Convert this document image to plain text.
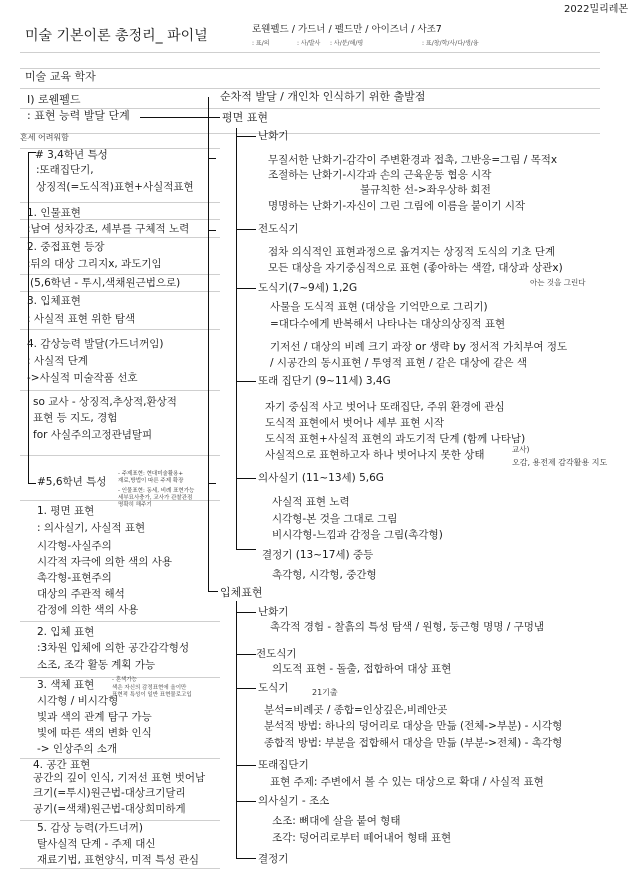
2022밀리레몬
미술 기본이론 총정리_ 파이널	로웬펠드 / 가드너 / 펠드만 / 아이즈너 / 사조7
: 표/의	: 사/발사 : 사/분/해/평	: 표/창/학/사/다/생/융
미술 교육 학자
I) 로웬펠드
: 표현 능력 발달 단계
혼세 어려워함
# 3,4학년 특성
:또래집단기,
상징적(=도식적)표현+사실적표현
1. 인물표현
:남여 성차강조, 세부를 구체적 노력
2. 중접표현 등장
:뒤의 대상 그리지x, 과도기임
(5,6학년 - 투시,색채원근법으로)
3. 입체표현
: 사실적 표현 위한 탐색
4. 감상능력 발달(가드너꺼임)
: 사실적 단계
->사실적 미술작품 선호
so 교사 - 상징적,추상적,환상적
표현 등 지도, 경험
for 사실주의고정관념탈피
#5,6학년 특성
- 주제표현: 현대미술활용+
재료,방법이 따른 주제 확장
- 인물표현: 동세, 비례 표현가능
세부묘사충가, 교사가 관찰관점
명확히 해주기
1. 평면 표현
: 의사실기, 사실적 표현
시각형-사실주의
시각적 자극에 의한 색의 사용
촉각형-표현주의
대상의 주관적 해석
감정에 의한 색의 사용
2. 입체 표현
:3차원 입체에 의한 공간감각형성
소조, 조각 활동 계획 가능
3. 색체 표현	- 혼색가능
색은 자신의 감정표현에 올이만
표현적 특성이 일반 표현물로고입
시각형 / 비시각형
빛과 색의 관계 탐구 가능
빛에 따른 색의 변화 인식
-> 인상주의 소개
4. 공간 표현
공간의 깊이 인식, 기저선 표현 벗어남
크기(=투시)원근법-대상크기달리
공기(=색채)원근법-대상희미하게
5. 감상 능력(가드너꺼)
탈사실적 단계 - 주제 대신
재료기법, 표현양식, 미적 특성 관심
순차적 발달 / 개인차 인식하기 위한 출발점
평면 표현
난화기
무질서한 난화기-감각이 주변환경과 접촉, 그반응=그림 / 목적x
조절하는 난화기-시각과 손의 근육운동 협응 시작
불규칙한 선->좌우상하 회전
명명하는 난화기-자신이 그린 그림에 이름을 붙이기 시작
전도식기
점차 의식적인 표현과정으로 옮겨지는 상징적 도식의 기초 단계
모든 대상을 자기중심적으로 표현 (좋아하는 색깔, 대상과 상관x)
아는 것을 그린다
도식기(7~9세) 1,2G
사물을 도식적 표현 (대상을 기억만으로 그리기)
=대다수에게 반복해서 나타나는 대상의상징적 표현
기저선 / 대상의 비례 크기 과장 or 생략 by 정서적 가치부여 정도
/ 시공간의 동시표현 / 투영적 표현 / 같은 대상에 같은 색
또래 집단기 (9~11세) 3,4G
자기 중심적 사고 벗어나 또래집단, 주위 환경에 관심
도식적 표현에서 벗어나 세부 표현 시작
도식적 표현+사실적 표현의 과도기적 단계 (함께 나타남)
사실적으로 표현하고자 하나 벗어나지 못한 상태	교사)
오감, 용전제 감각활용 지도
의사실기 (11~13세) 5,6G
사실적 표현 노력
시각형-본 것을 그대로 그림
비시각형-느낌과 감정을 그림(촉각형)
결정기 (13~17세) 중등
촉각형, 시각형, 중간형
입체표현
난화기
촉각적 경험 - 찰흙의 특성 탐색 / 원형, 둥근형 명명 / 구멍냄
전도식기
의도적 표현 - 돌출, 접합하여 대상 표현
도식기	21기출
분석=비례곳 / 종합=인상깊은,비례안곳
분석적 방법: 하나의 덩어리로 대상을 만듦 (전체->부분) - 시각형
종합적 방법: 부분을 접합해서 대상을 만듦 (부분->전체) - 촉각형
또래집단기
표현 주제: 주변에서 볼 수 있는 대상으로 확대 / 사실적 표현
의사실기 - 조소
소조: 뼈대에 살을 붙여 형태
조각: 덩어리로부터 떼어내어 형태 표현
결정기
